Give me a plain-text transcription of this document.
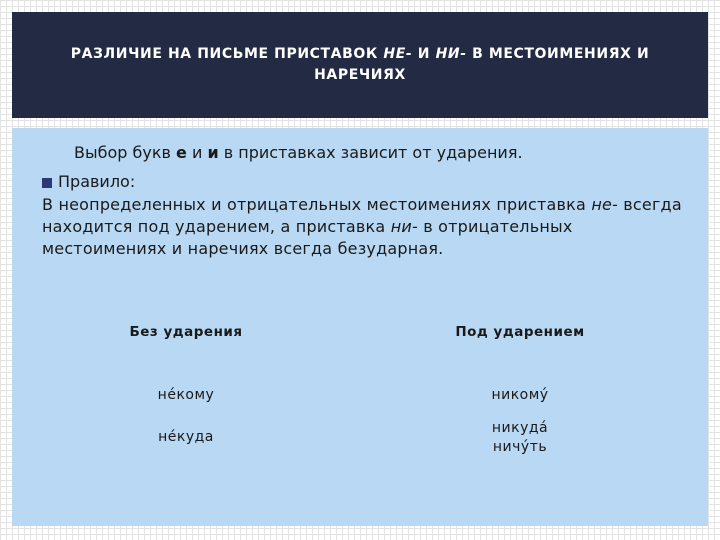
РАЗЛИЧИЕ НА ПИСЬМЕ ПРИСТАВОК НЕ- И НИ- В МЕСТОИМЕНИЯХ И НАРЕЧИЯХ
Выбор букв е и и в приставках зависит от ударения.
Правило:
В неопределенных и отрицательных местоимениях приставка не- всегда находится под ударением, а приставка ни- в отрицательных местоимениях и наречиях всегда безударная.
Без ударения	Под ударением
не́кому
не́куда
никому́
никуда́
ничу́ть
